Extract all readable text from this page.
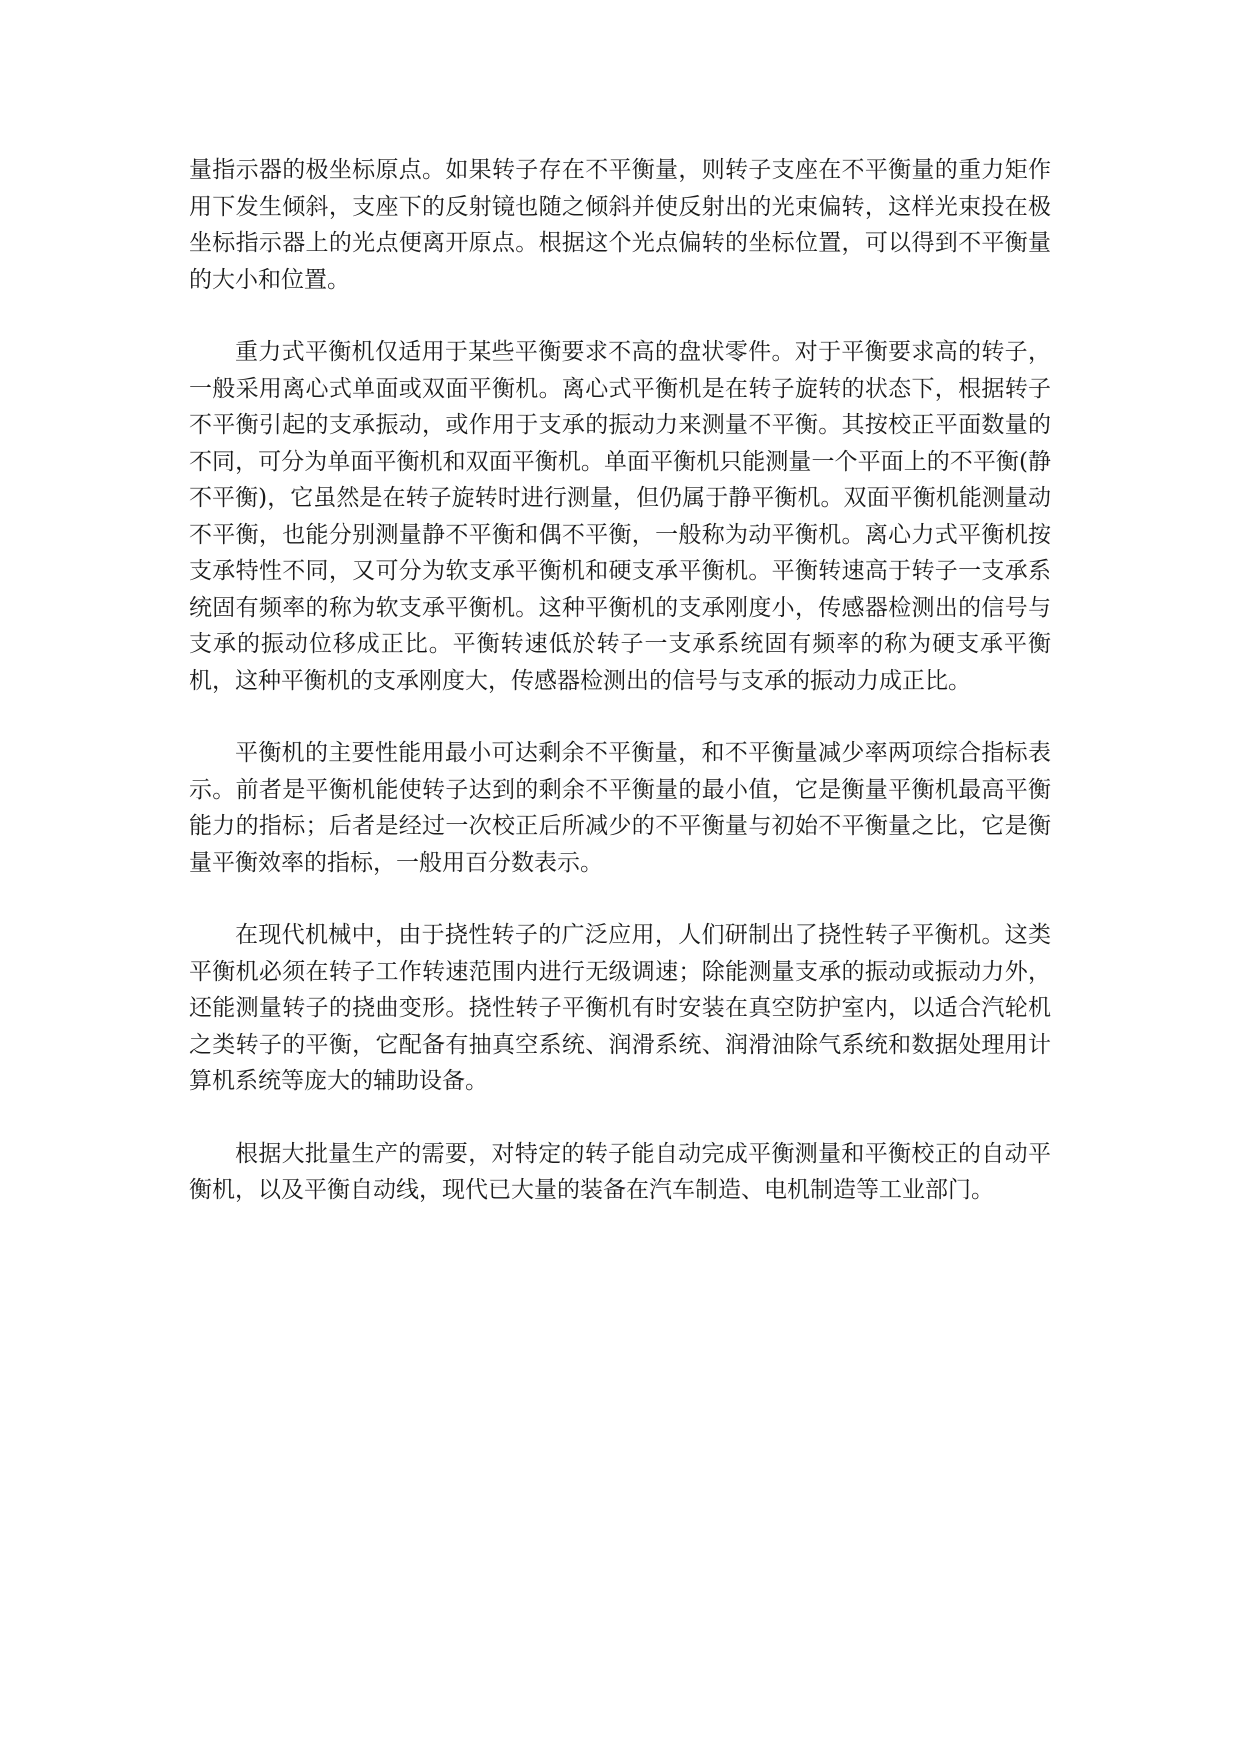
量指示器的极坐标原点。如果转子存在不平衡量，则转子支座在不平衡量的重力矩作用下发生倾斜，支座下的反射镜也随之倾斜并使反射出的光束偏转，这样光束投在极坐标指示器上的光点便离开原点。根据这个光点偏转的坐标位置，可以得到不平衡量的大小和位置。

重力式平衡机仅适用于某些平衡要求不高的盘状零件。对于平衡要求高的转子，一般采用离心式单面或双面平衡机。离心式平衡机是在转子旋转的状态下，根据转子不平衡引起的支承振动，或作用于支承的振动力来测量不平衡。其按校正平面数量的不同，可分为单面平衡机和双面平衡机。单面平衡机只能测量一个平面上的不平衡(静不平衡)，它虽然是在转子旋转时进行测量，但仍属于静平衡机。双面平衡机能测量动不平衡，也能分别测量静不平衡和偶不平衡，一般称为动平衡机。离心力式平衡机按支承特性不同，又可分为软支承平衡机和硬支承平衡机。平衡转速高于转子一支承系统固有频率的称为软支承平衡机。这种平衡机的支承刚度小，传感器检测出的信号与支承的振动位移成正比。平衡转速低於转子一支承系统固有频率的称为硬支承平衡机，这种平衡机的支承刚度大，传感器检测出的信号与支承的振动力成正比。

平衡机的主要性能用最小可达剩余不平衡量，和不平衡量减少率两项综合指标表示。前者是平衡机能使转子达到的剩余不平衡量的最小值，它是衡量平衡机最高平衡能力的指标；后者是经过一次校正后所减少的不平衡量与初始不平衡量之比，它是衡量平衡效率的指标，一般用百分数表示。

在现代机械中，由于挠性转子的广泛应用，人们研制出了挠性转子平衡机。这类平衡机必须在转子工作转速范围内进行无级调速；除能测量支承的振动或振动力外，还能测量转子的挠曲变形。挠性转子平衡机有时安装在真空防护室内，以适合汽轮机之类转子的平衡，它配备有抽真空系统、润滑系统、润滑油除气系统和数据处理用计算机系统等庞大的辅助设备。

根据大批量生产的需要，对特定的转子能自动完成平衡测量和平衡校正的自动平衡机，以及平衡自动线，现代已大量的装备在汽车制造、电机制造等工业部门。
